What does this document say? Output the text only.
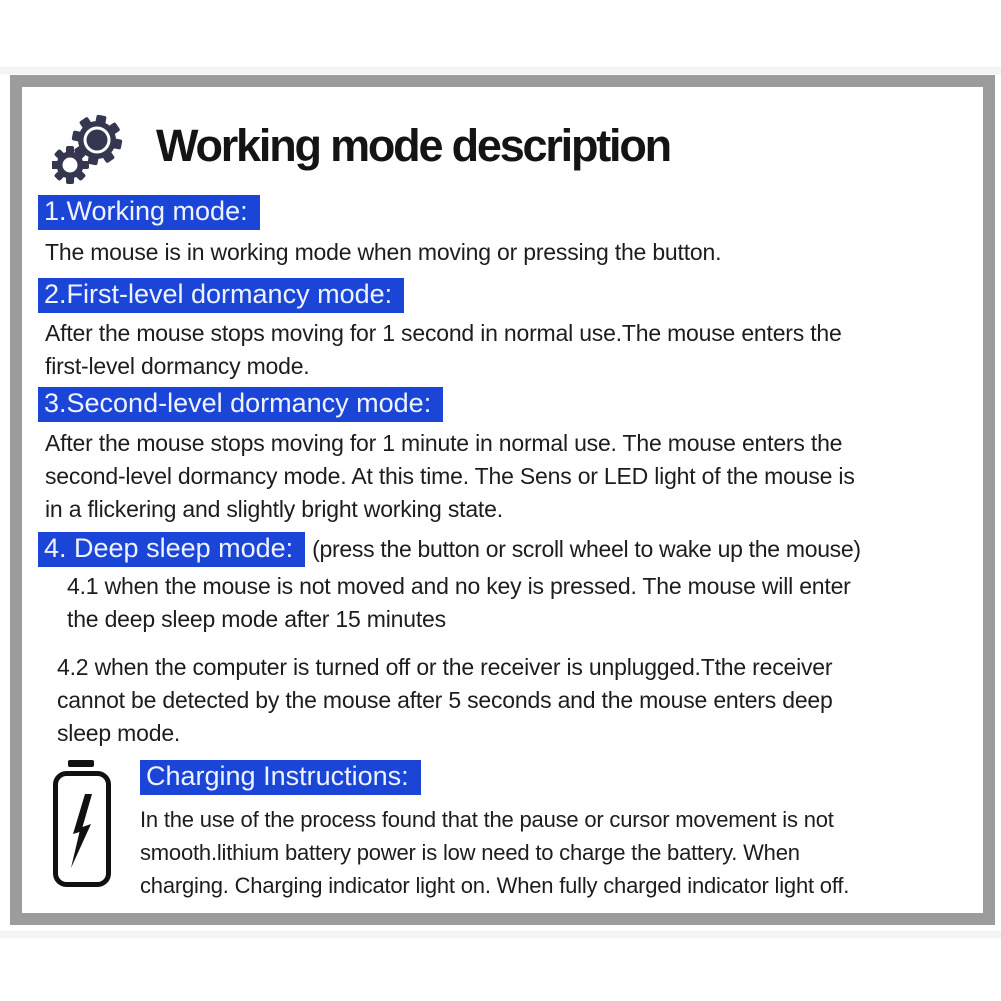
Working mode description
1.Working mode:
The mouse is in working mode when moving or pressing the button.
2.First-level dormancy mode:
After the mouse stops moving for 1 second in normal use.The mouse enters the
first-level dormancy mode.
3.Second-level dormancy mode:
After the mouse stops moving for 1 minute in normal use. The mouse enters the
second-level dormancy mode. At this time. The Sens or LED light of the mouse is
in a flickering and slightly bright working state.
4. Deep sleep mode: (press the button or scroll wheel to wake up the mouse)
4.1 when the mouse is not moved and no key is pressed. The mouse will enter
the deep sleep mode after 15 minutes
4.2 when the computer is turned off or the receiver is unplugged.Tthe receiver
cannot be detected by the mouse after 5 seconds and the mouse enters deep
sleep mode.
Charging Instructions:
In the use of the process found that the pause or cursor movement is not
smooth.lithium battery power is low need to charge the battery. When
charging. Charging indicator light on. When fully charged indicator light off.
